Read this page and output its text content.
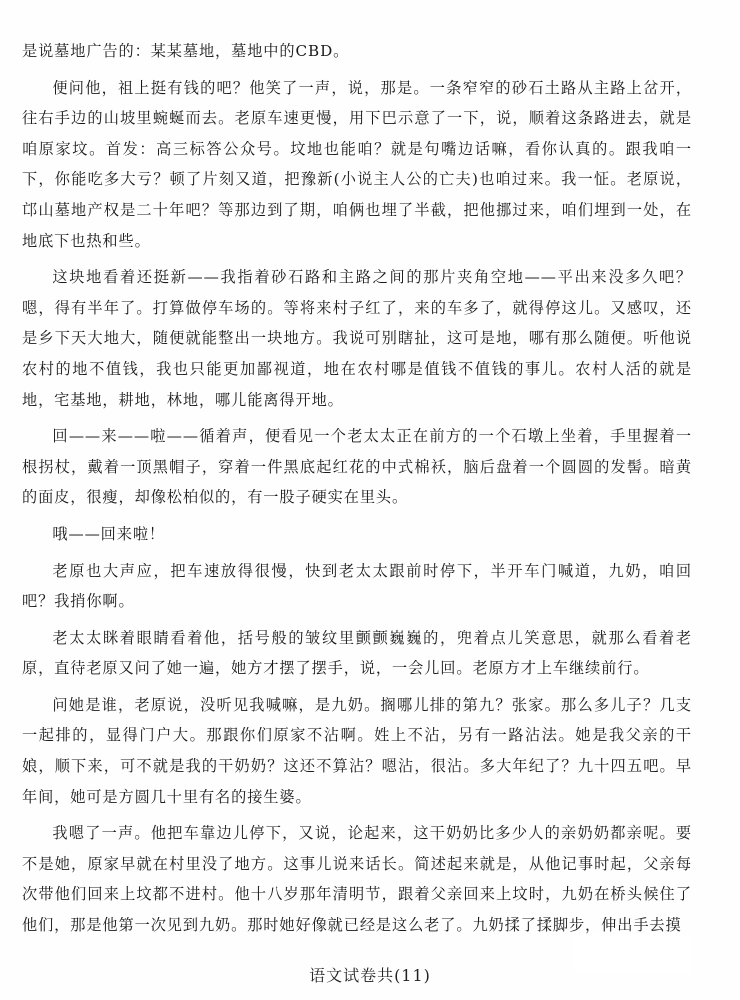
是说墓地广告的：某某墓地，墓地中的CBD。

便问他，祖上挺有钱的吧？他笑了一声，说，那是。一条窄窄的砂石土路从主路上岔开，往右手边的山坡里蜿蜒而去。老原车速更慢，用下巴示意了一下，说，顺着这条路进去，就是咱原家坟。首发：高三标答公众号。坟地也能咱？就是句嘴边话嘛，看你认真的。跟我咱一下，你能吃多大亏？顿了片刻又道，把豫新(小说主人公的亡夫)也咱过来。我一怔。老原说，邙山墓地产权是二十年吧？等那边到了期，咱俩也埋了半截，把他挪过来，咱们埋到一处，在地底下也热和些。

这块地看着还挺新——我指着砂石路和主路之间的那片夹角空地——平出来没多久吧？嗯，得有半年了。打算做停车场的。等将来村子红了，来的车多了，就得停这儿。又感叹，还是乡下天大地大，随便就能整出一块地方。我说可别瞎扯，这可是地，哪有那么随便。听他说农村的地不值钱，我也只能更加鄙视道，地在农村哪是值钱不值钱的事儿。农村人活的就是地，宅基地，耕地，林地，哪儿能离得开地。

回——来——啦——循着声，便看见一个老太太正在前方的一个石墩上坐着，手里握着一根拐杖，戴着一顶黑帽子，穿着一件黑底起红花的中式棉袄，脑后盘着一个圆圆的发髻。暗黄的面皮，很瘦，却像松柏似的，有一股子硬实在里头。

哦——回来啦！

老原也大声应，把车速放得很慢，快到老太太跟前时停下，半开车门喊道，九奶，咱回吧？我捎你啊。

老太太眯着眼睛看着他，括号般的皱纹里颤颤巍巍的，兜着点儿笑意思，就那么看着老原，直待老原又问了她一遍，她方才摆了摆手，说，一会儿回。老原方才上车继续前行。

问她是谁，老原说，没听见我喊嘛，是九奶。搁哪儿排的第九？张家。那么多儿子？几支一起排的，显得门户大。那跟你们原家不沾啊。姓上不沾，另有一路沾法。她是我父亲的干娘，顺下来，可不就是我的干奶奶？这还不算沾？嗯沾，很沾。多大年纪了？九十四五吧。早年间，她可是方圆几十里有名的接生婆。

我嗯了一声。他把车靠边儿停下，又说，论起来，这干奶奶比多少人的亲奶奶都亲呢。要不是她，原家早就在村里没了地方。这事儿说来话长。简述起来就是，从他记事时起，父亲每次带他们回来上坟都不进村。他十八岁那年清明节，跟着父亲回来上坟时，九奶在桥头候住了他们，那是他第一次见到九奶。那时她好像就已经是这么老了。九奶揉了揉脚步，伸出手去摸

语文试卷共(11)
